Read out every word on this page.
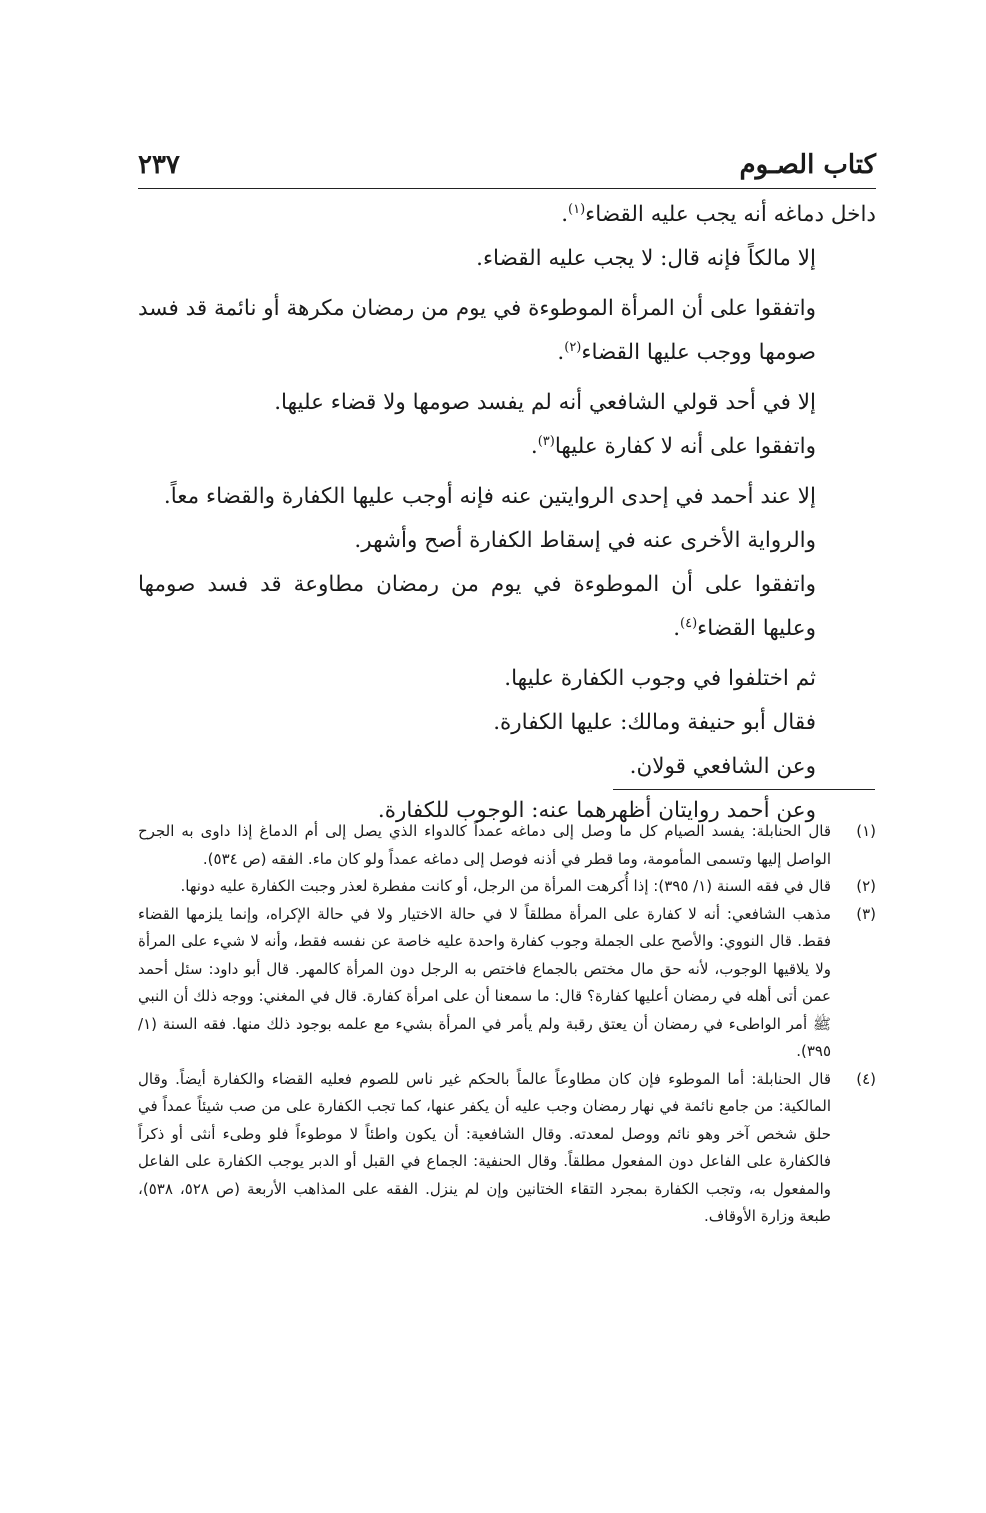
كتاب الصـوم
٢٣٧

داخل دماغه أنه يجب عليه القضاء$^{(١)}$.

إلا مالكاً فإنه قال: لا يجب عليه القضاء.

واتفقوا على أن المرأة الموطوءة في يوم من رمضان مكرهة أو نائمة قد فسد صومها ووجب عليها القضاء$^{(٢)}$.

إلا في أحد قولي الشافعي أنه لم يفسد صومها ولا قضاء عليها.

واتفقوا على أنه لا كفارة عليها$^{(٣)}$.

إلا عند أحمد في إحدى الروايتين عنه فإنه أوجب عليها الكفارة والقضاء معاً.

والرواية الأخرى عنه في إسقاط الكفارة أصح وأشهر.

واتفقوا على أن الموطوءة في يوم من رمضان مطاوعة قد فسد صومها وعليها القضاء$^{(٤)}$.

ثم اختلفوا في وجوب الكفارة عليها.

فقال أبو حنيفة ومالك: عليها الكفارة.

وعن الشافعي قولان.

وعن أحمد روايتان أظهرهما عنه: الوجوب للكفارة.

(١)
قال الحنابلة: يفسد الصيام كل ما وصل إلى دماغه عمداً كالدواء الذي يصل إلى أم الدماغ إذا داوى به الجرح الواصل إليها وتسمى المأمومة، وما قطر في أذنه فوصل إلى دماغه عمداً ولو كان ماء. الفقه (ص ٥٣٤).
(٢)
قال في فقه السنة (١/ ٣٩٥): إذا أُكرهت المرأة من الرجل، أو كانت مفطرة لعذر وجبت الكفارة عليه دونها.
(٣)
مذهب الشافعي: أنه لا كفارة على المرأة مطلقاً لا في حالة الاختيار ولا في حالة الإكراه، وإنما يلزمها القضاء فقط. قال النووي: والأصح على الجملة وجوب كفارة واحدة عليه خاصة عن نفسه فقط، وأنه لا شيء على المرأة ولا يلاقيها الوجوب، لأنه حق مال مختص بالجماع فاختص به الرجل دون المرأة كالمهر. قال أبو داود: سئل أحمد عمن أتى أهله في رمضان أعليها كفارة؟ قال: ما سمعنا أن على امرأة كفارة. قال في المغني: ووجه ذلك أن النبي ﷺ أمر الواطىء في رمضان أن يعتق رقبة ولم يأمر في المرأة بشيء مع علمه بوجود ذلك منها. فقه السنة (١/ ٣٩٥).
(٤)
قال الحنابلة: أما الموطوء فإن كان مطاوعاً عالماً بالحكم غير ناس للصوم فعليه القضاء والكفارة أيضاً. وقال المالكية: من جامع نائمة في نهار رمضان وجب عليه أن يكفر عنها، كما تجب الكفارة على من صب شيئاً عمداً في حلق شخص آخر وهو نائم ووصل لمعدته. وقال الشافعية: أن يكون واطئاً لا موطوءاً فلو وطىء أنثى أو ذكراً فالكفارة على الفاعل دون المفعول مطلقاً. وقال الحنفية: الجماع في القبل أو الدبر يوجب الكفارة على الفاعل والمفعول به، وتجب الكفارة بمجرد التقاء الختانين وإن لم ينزل. الفقه على المذاهب الأربعة (ص ٥٢٨، ٥٣٨)، طبعة وزارة الأوقاف.
